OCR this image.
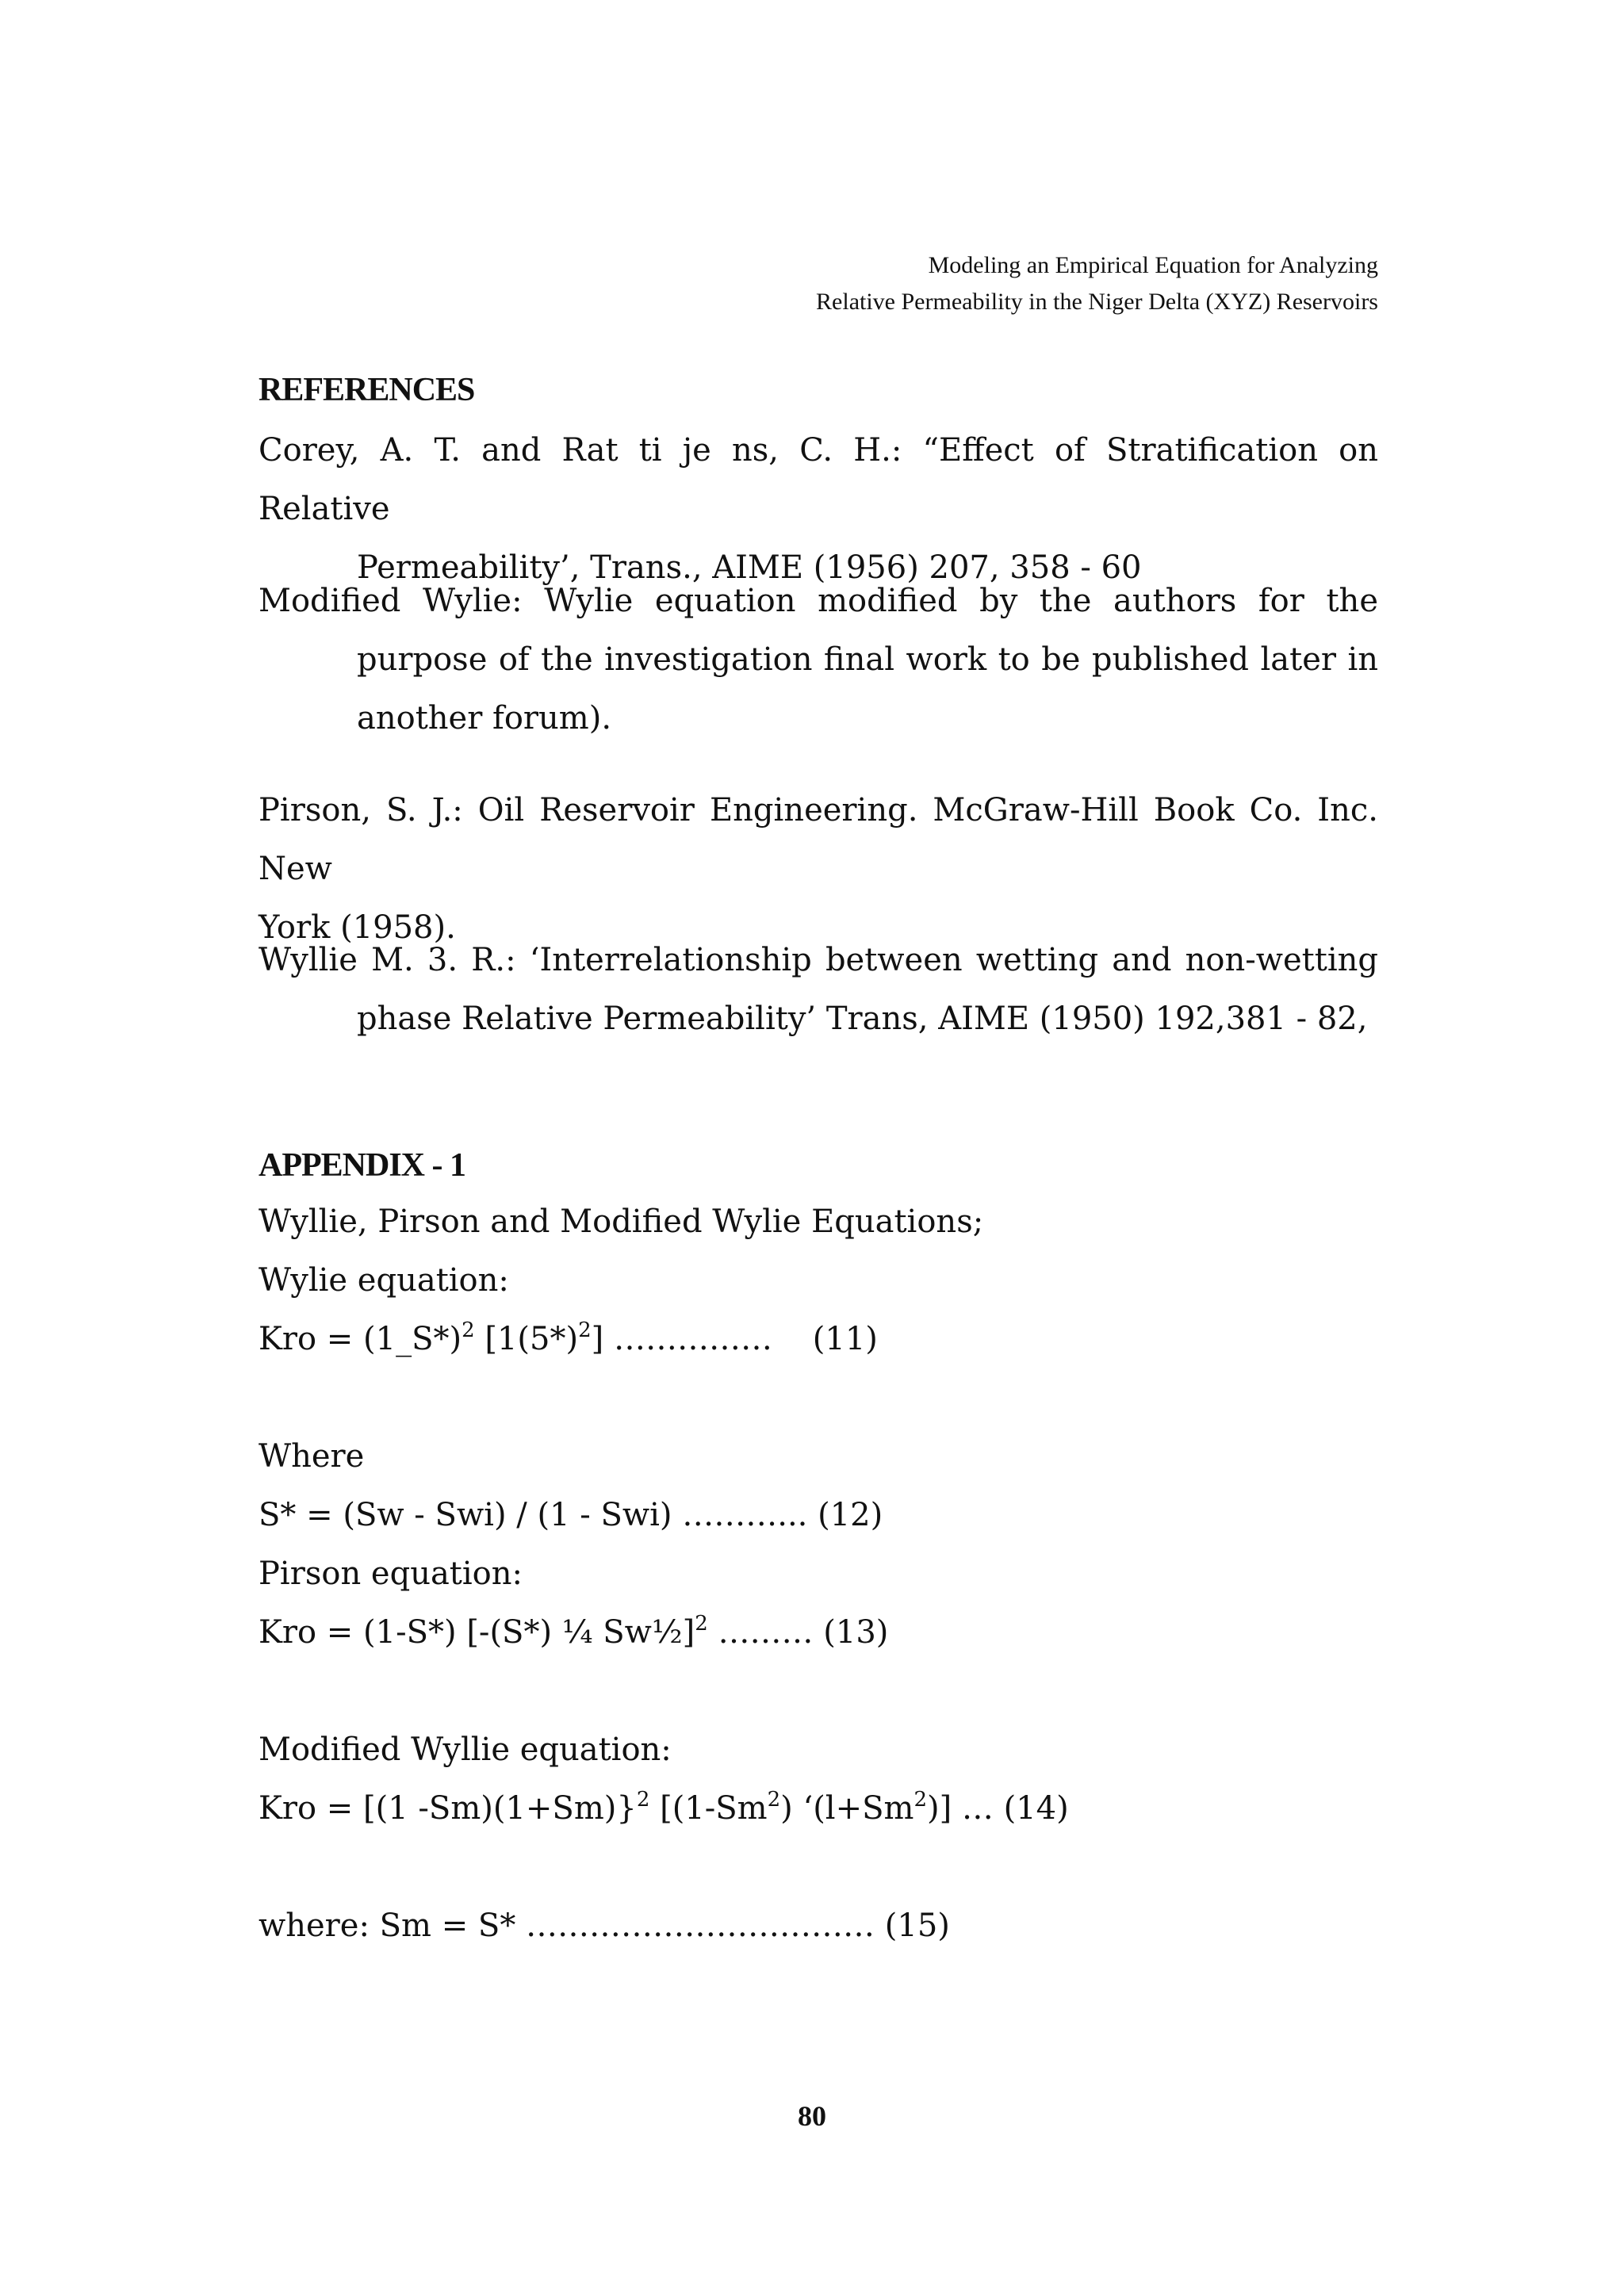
Modeling an Empirical Equation for Analyzing
Relative Permeability in the Niger Delta (XYZ) Reservoirs
REFERENCES
Corey, A. T. and Rat ti je ns, C. H.: “Effect of Stratification on Relative
Permeability’, Trans., AIME (1956) 207, 358 - 60
Modified Wylie: Wylie equation modified by the authors for the
purpose of the investigation final work to be published later in
another forum).
Pirson, S. J.: Oil Reservoir Engineering. McGraw-Hill Book Co. Inc. New
York (1958).
Wyllie M. 3. R.: ‘Interrelationship between wetting and non-wetting
phase Relative Permeability’ Trans, AIME (1950) 192,381 - 82,
APPENDIX - 1
Wyllie, Pirson and Modified Wylie Equations;
Wylie equation:
Kro = (1_S*)$^2$ $[1(5*)^2]$ ……………    (11)
Where
S* = (Sw - Swi) / (1 - Swi) ………... (12)
Pirson equation:
Kro = (1-S*) [-(S*) ¼ Sw½]$^2$ ……… (13)
Modified Wyllie equation:
Kro = [(1 -Sm)(1+Sm)}$^2$ [(1-Sm$^2$) ‘$(l+Sm^2)$] … (14)
where: Sm = S* …………………………… (15)
80
